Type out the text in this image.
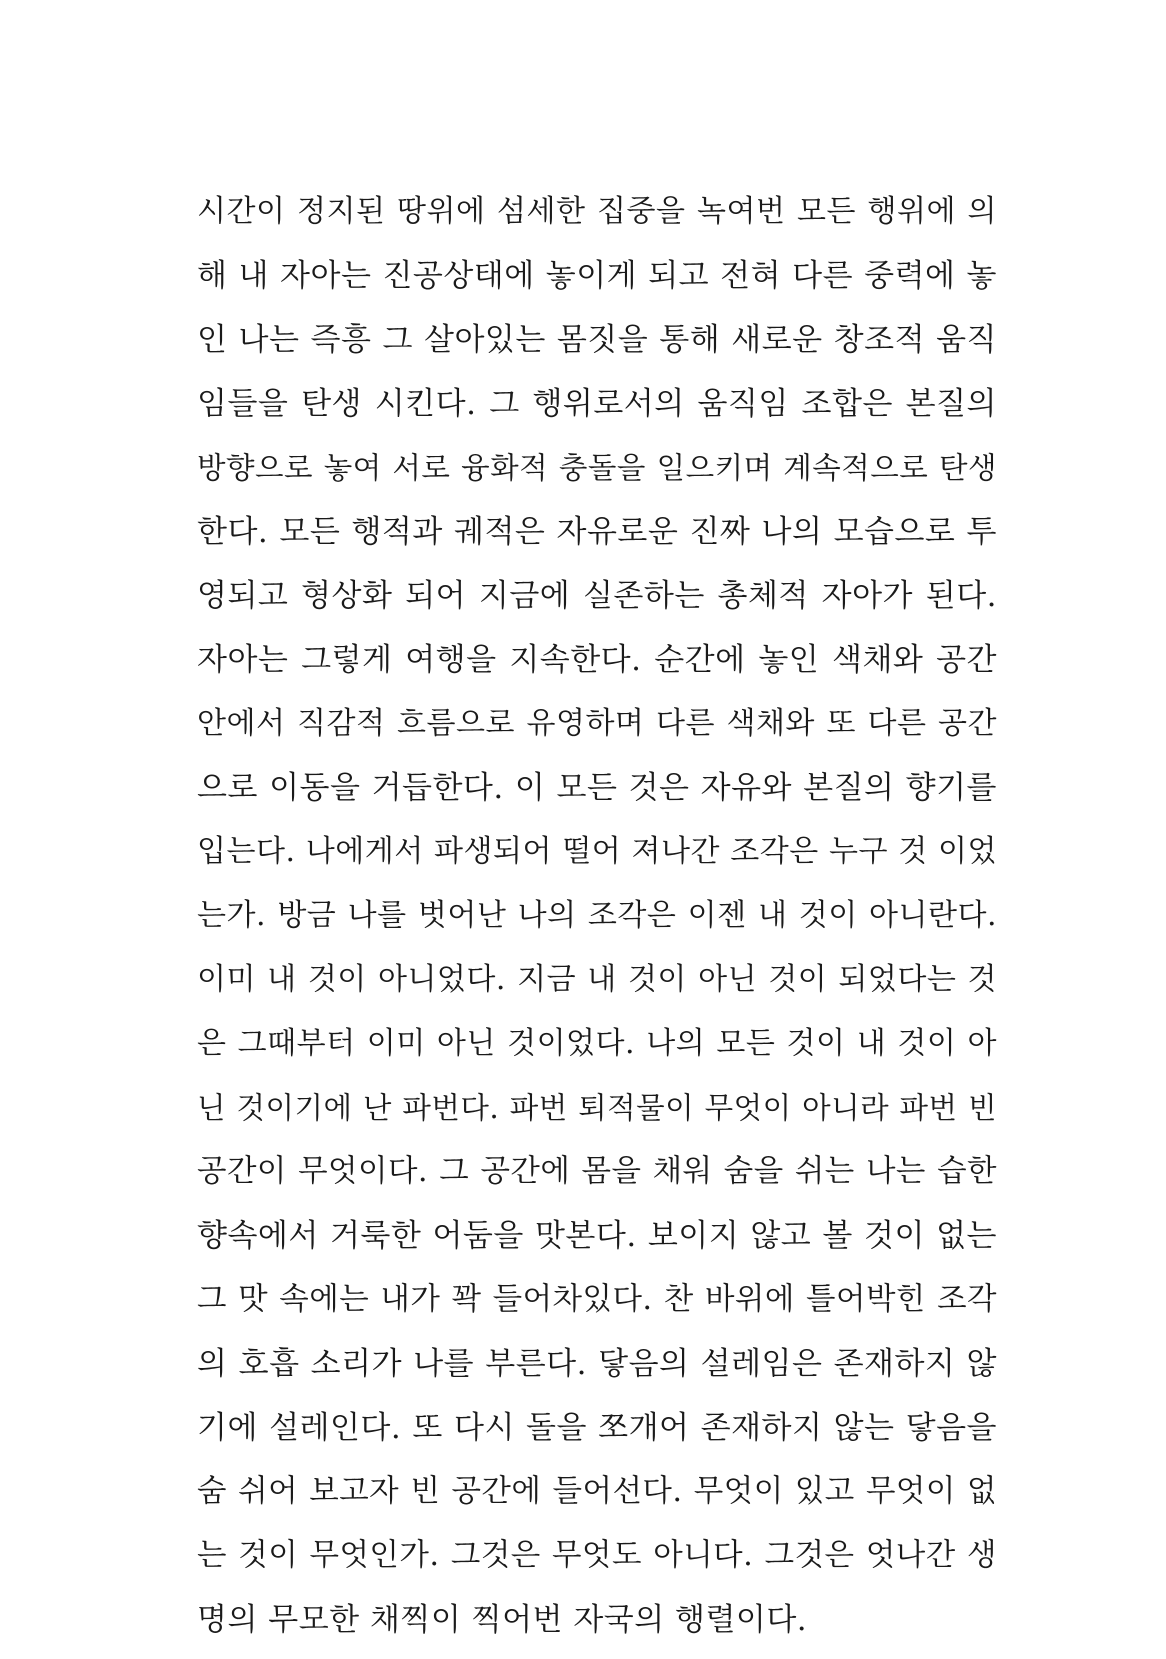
시간이 정지된 땅위에 섬세한 집중을 녹여번 모든 행위에 의
해 내 자아는 진공상태에 놓이게 되고 전혀 다른 중력에 놓
인 나는 즉흥 그 살아있는 몸짓을 통해 새로운 창조적 움직
임들을 탄생 시킨다. 그 행위로서의 움직임 조합은 본질의
방향으로 놓여 서로 융화적 충돌을 일으키며 계속적으로 탄생
한다. 모든 행적과 궤적은 자유로운 진짜 나의 모습으로 투
영되고 형상화 되어 지금에 실존하는 총체적 자아가 된다.
자아는 그렇게 여행을 지속한다. 순간에 놓인 색채와 공간
안에서 직감적 흐름으로 유영하며 다른 색채와 또 다른 공간
으로 이동을 거듭한다. 이 모든 것은 자유와 본질의 향기를
입는다. 나에게서 파생되어 떨어 져나간 조각은 누구 것 이었
는가. 방금 나를 벗어난 나의 조각은 이젠 내 것이 아니란다.
이미 내 것이 아니었다. 지금 내 것이 아닌 것이 되었다는 것
은 그때부터 이미 아닌 것이었다. 나의 모든 것이 내 것이 아
닌 것이기에 난 파번다. 파번 퇴적물이 무엇이 아니라 파번 빈
공간이 무엇이다. 그 공간에 몸을 채워 숨을 쉬는 나는 습한
향속에서 거룩한 어둠을 맛본다. 보이지 않고 볼 것이 없는
그 맛 속에는 내가 꽉 들어차있다. 찬 바위에 틀어박힌 조각
의 호흡 소리가 나를 부른다. 닿음의 설레임은 존재하지 않
기에 설레인다. 또 다시 돌을 쪼개어 존재하지 않는 닿음을
숨 쉬어 보고자 빈 공간에 들어선다. 무엇이 있고 무엇이 없
는 것이 무엇인가. 그것은 무엇도 아니다. 그것은 엇나간 생
명의 무모한 채찍이 찍어번 자국의 행렬이다.
